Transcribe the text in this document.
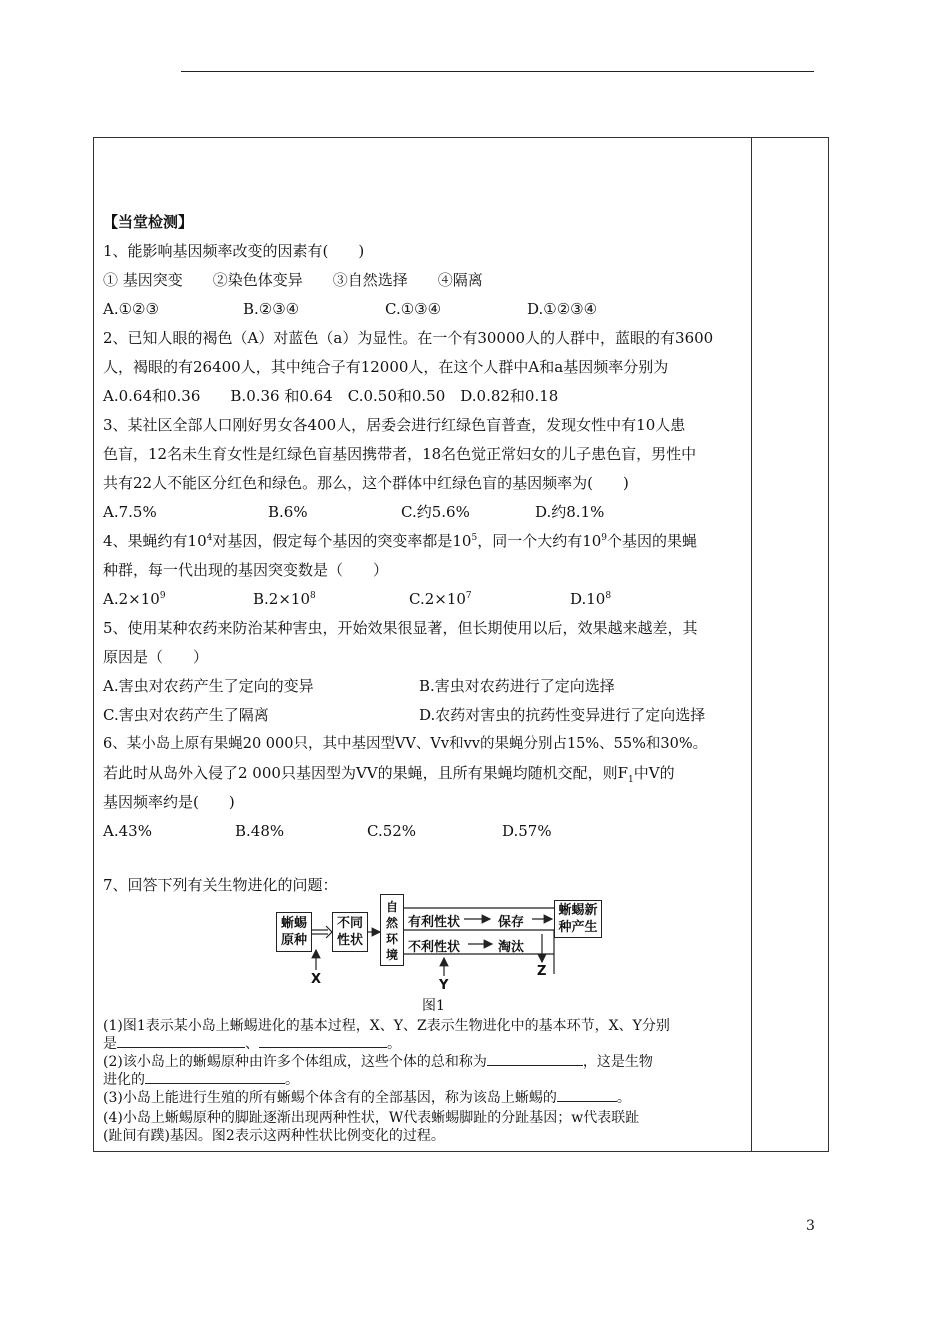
【当堂检测】
1、能影响基因频率改变的因素有(　　)
① 基因突变　　②染色体变异　　③自然选择　　④隔离
A.①②③	B.②③④	C.①③④	D.①②③④
2、已知人眼的褐色（A）对蓝色（a）为显性。在一个有30000人的人群中，蓝眼的有3600
人，褐眼的有26400人，其中纯合子有12000人，在这个人群中A和a基因频率分别为
A.0.64和0.36　　B.0.36 和0.64　C.0.50和0.50　D.0.82和0.18
3、某社区全部人口刚好男女各400人，居委会进行红绿色盲普查，发现女性中有10人患
色盲，12名未生育女性是红绿色盲基因携带者，18名色觉正常妇女的儿子患色盲，男性中
共有22人不能区分红色和绿色。那么，这个群体中红绿色盲的基因频率为(　　)
A.7.5%	B.6%	C.约5.6%	D.约8.1%
4、果蝇约有$10^4$对基因，假定每个基因的突变率都是$10^5$，同一个大约有$10^9$个基因的果蝇
种群，每一代出现的基因突变数是（　　）
$A.2\times 10^9$	$B.2\times 10^8$	$C.2\times 10^7$	$D.10^8$
5、使用某种农药来防治某种害虫，开始效果很显著，但长期使用以后，效果越来越差，其
原因是（　　）
A.害虫对农药产生了定向的变异	B.害虫对农药进行了定向选择
C.害虫对农药产生了隔离	D.农药对害虫的抗药性变异进行了定向选择
6、某小岛上原有果蝇20 000只，其中基因型VV、Vv和vv的果蝇分别占15%、55%和30%。
若此时从岛外入侵了2 000只基因型为VV的果蝇，且所有果蝇均随机交配，则$F_1$中V的
基因频率约是(　　)
A.43%	B.48%	C.52%	D.57%
7、回答下列有关生物进化的问题：
蜥蜴原种
不同性状
自然环境
有利性状	保存
不利性状	淘汰
蜥蜴新种产生
X	Y
Z
图1
(1)图1表示某小岛上蜥蜴进化的基本过程，X、Y、Z表示生物进化中的基本环节，X、Y分别
是	、	。
(2)该小岛上的蜥蜴原种由许多个体组成，这些个体的总和称为	，这是生物
进化的	。
(3)小岛上能进行生殖的所有蜥蜴个体含有的全部基因，称为该岛上蜥蜴的	。
(4)小岛上蜥蜴原种的脚趾逐渐出现两种性状，W代表蜥蜴脚趾的分趾基因；w代表联趾
(趾间有蹼)基因。图2表示这两种性状比例变化的过程。
3
